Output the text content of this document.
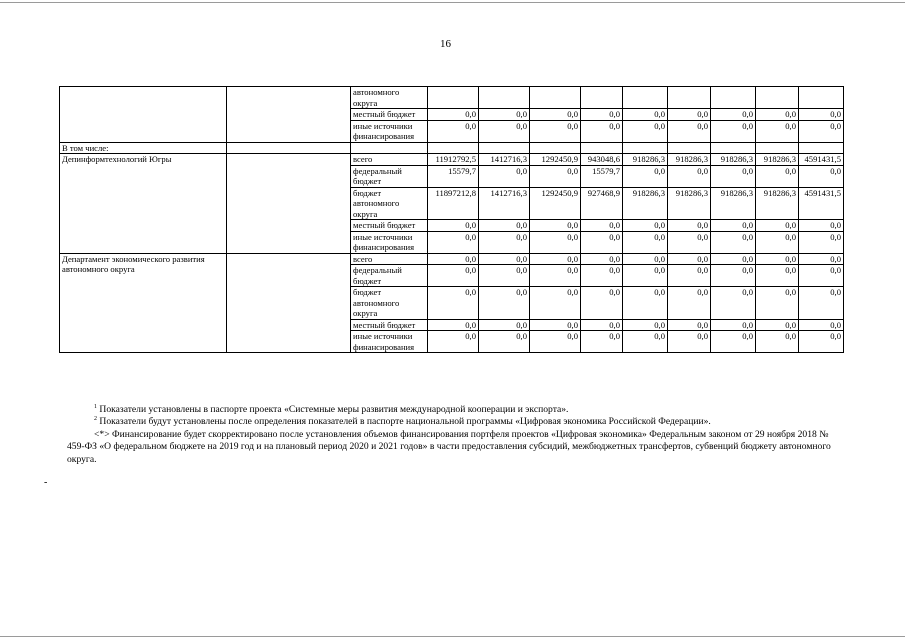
16
		автономного округа									
		местный бюджет	0,0	0,0	0,0	0,0	0,0	0,0	0,0	0,0	0,0
		иные источники финансирования	0,0	0,0	0,0	0,0	0,0	0,0	0,0	0,0	0,0
В том числе:											
Депинформтехнологий Югры		всего	11912792,5	1412716,3	1292450,9	943048,6	918286,3	918286,3	918286,3	918286,3	4591431,5
		федеральный бюджет	15579,7	0,0	0,0	15579,7	0,0	0,0	0,0	0,0	0,0
		бюджет автономного округа	11897212,8	1412716,3	1292450,9	927468,9	918286,3	918286,3	918286,3	918286,3	4591431,5
		местный бюджет	0,0	0,0	0,0	0,0	0,0	0,0	0,0	0,0	0,0
		иные источники финансирования	0,0	0,0	0,0	0,0	0,0	0,0	0,0	0,0	0,0
Департамент экономического развития автономного округа		всего	0,0	0,0	0,0	0,0	0,0	0,0	0,0	0,0	0,0
		федеральный бюджет	0,0	0,0	0,0	0,0	0,0	0,0	0,0	0,0	0,0
		бюджет автономного округа	0,0	0,0	0,0	0,0	0,0	0,0	0,0	0,0	0,0
		местный бюджет	0,0	0,0	0,0	0,0	0,0	0,0	0,0	0,0	0,0
		иные источники финансирования	0,0	0,0	0,0	0,0	0,0	0,0	0,0	0,0	0,0

$^1$ Показатели установлены в паспорте проекта «Системные меры развития международной кооперации и экспорта».

$^2$ Показатели будут установлены после определения показателей в паспорте национальной программы «Цифровая экономика Российской Федерации».

<*> Финансирование будет скорректировано после установления объемов финансирования портфеля проектов «Цифровая экономика» Федеральным законом от 29 ноября 2018 № 459-ФЗ «О федеральном бюджете на 2019 год и на плановый период 2020 и 2021 годов» в части предоставления субсидий, межбюджетных трансфертов, субвенций бюджету автономного округа.

-
